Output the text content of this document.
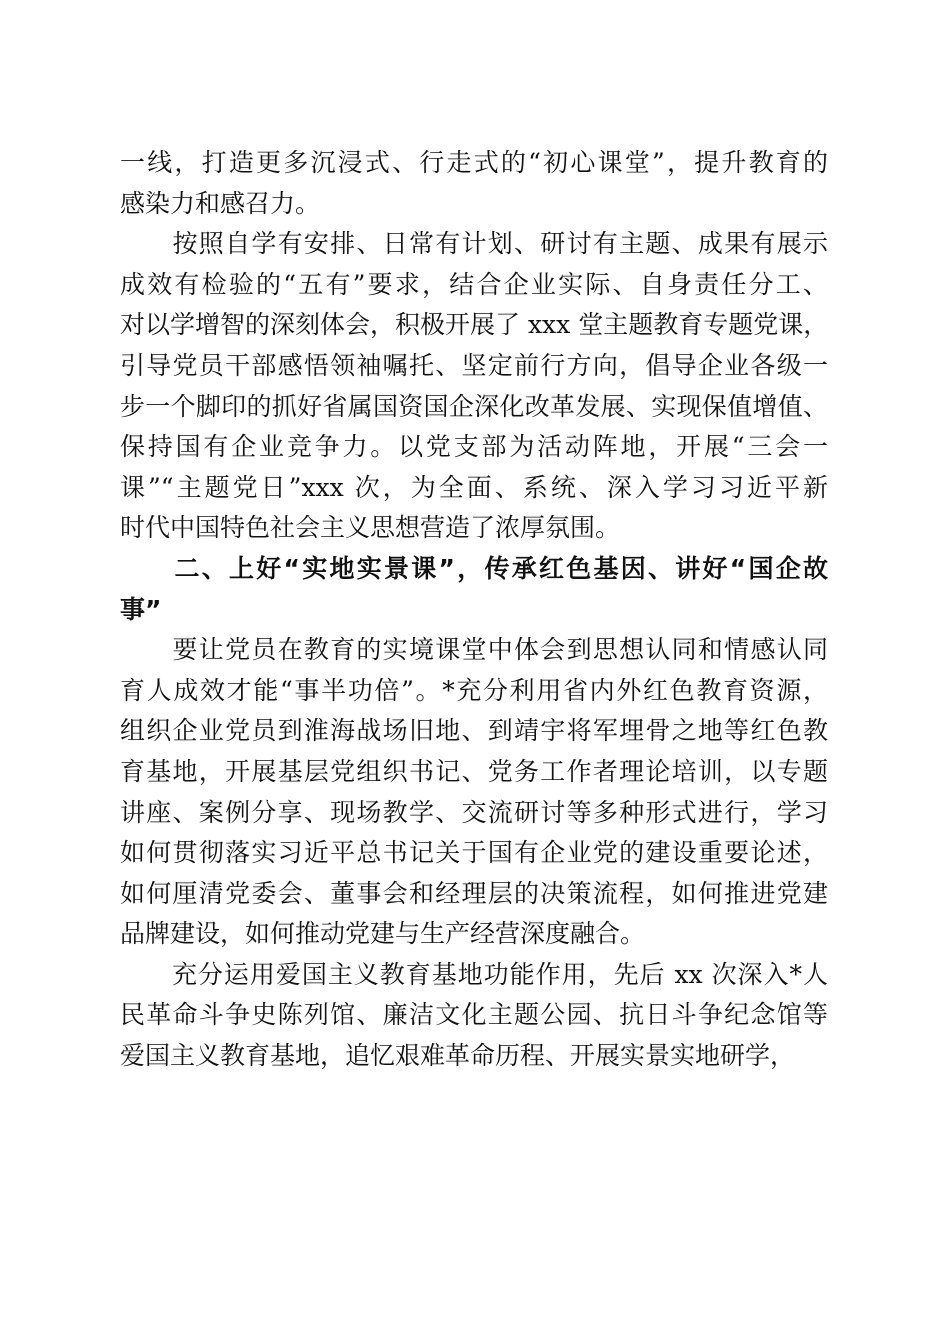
一线，打造更多沉浸式、行走式的“初心课堂”，提升教育的
感染力和感召力。
　　按照自学有安排、日常有计划、研讨有主题、成果有展示
成效有检验的“五有”要求，结合企业实际、自身责任分工、
对以学增智的深刻体会，积极开展了 xxx 堂主题教育专题党课，
引导党员干部感悟领袖嘱托、坚定前行方向，倡导企业各级一
步一个脚印的抓好省属国资国企深化改革发展、实现保值增值、
保持国有企业竞争力。以党支部为活动阵地，开展“三会一
课”“主题党日”xxx 次，为全面、系统、深入学习习近平新
时代中国特色社会主义思想营造了浓厚氛围。
　　二、上好“实地实景课”，传承红色基因、讲好“国企故
事”
　　要让党员在教育的实境课堂中体会到思想认同和情感认同
育人成效才能“事半功倍”。*充分利用省内外红色教育资源，
组织企业党员到淮海战场旧地、到靖宇将军埋骨之地等红色教
育基地，开展基层党组织书记、党务工作者理论培训，以专题
讲座、案例分享、现场教学、交流研讨等多种形式进行，学习
如何贯彻落实习近平总书记关于国有企业党的建设重要论述，
如何厘清党委会、董事会和经理层的决策流程，如何推进党建
品牌建设，如何推动党建与生产经营深度融合。
　　充分运用爱国主义教育基地功能作用，先后 xx 次深入*人
民革命斗争史陈列馆、廉洁文化主题公园、抗日斗争纪念馆等
爱国主义教育基地，追忆艰难革命历程、开展实景实地研学，
